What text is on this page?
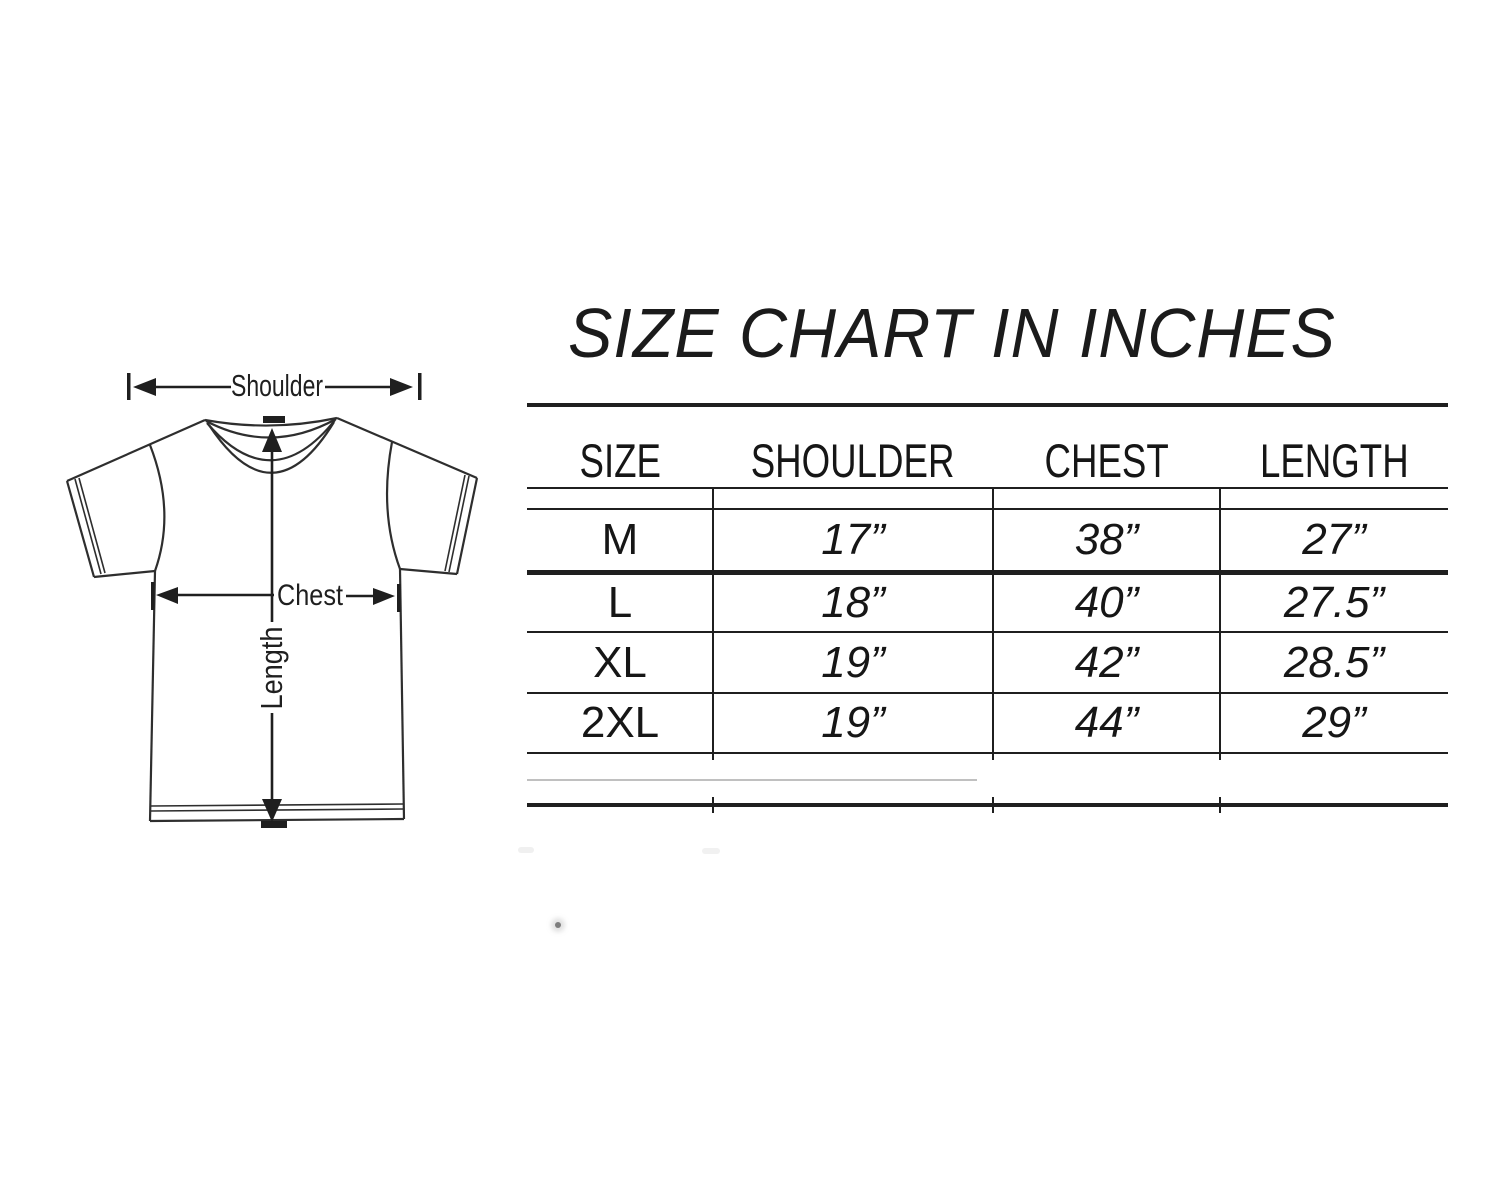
Shoulder
Chest
Length
SIZE CHART IN INCHES
SIZE SHOULDER CHEST LENGTH
M	17”	38”	27”
L	18”	40”	27.5”
XL	19”	42”	28.5”
2XL	19”	44”	29”
